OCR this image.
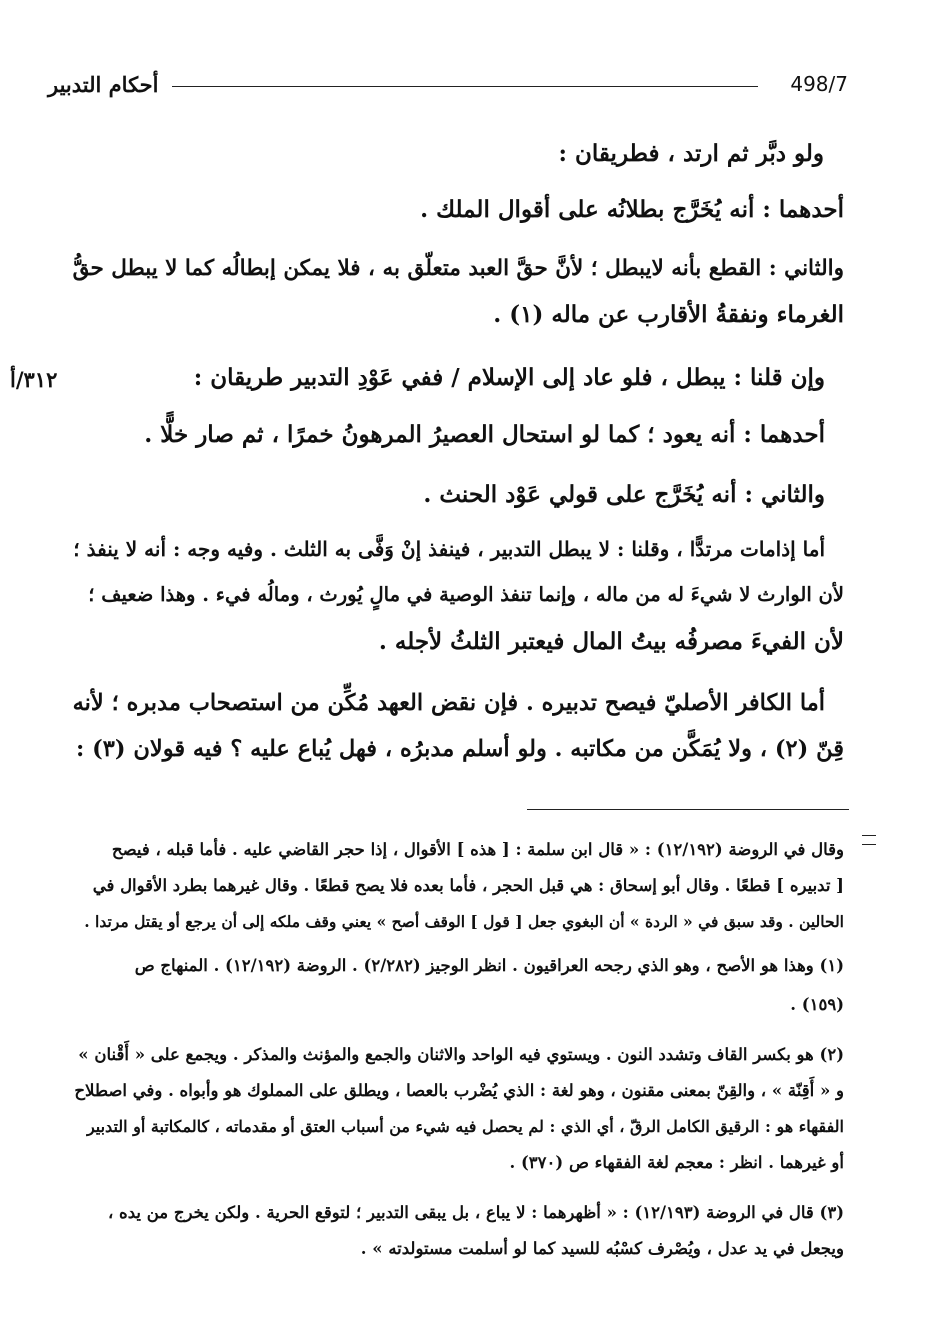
498/7
أحكام التدبير
٣١٢/أ
ولو دبَّر ثم ارتد ، فطريقان :
أحدهما : أنه يُخَرَّج بطلانُه على أقوال الملك .
والثاني : القطع بأنه لايبطل ؛ لأنَّ حقَّ العبد متعلّق به ، فلا يمكن إبطالُه كما لا يبطل حقُّ
الغرماء ونفقةُ الأقارب عن ماله (١) .
وإن قلنا : يبطل ، فلو عاد إلى الإسلام / ففي عَوْدِ التدبير طريقان :
أحدهما : أنه يعود ؛ كما لو استحال العصيرُ المرهونُ خمرًا ، ثم صار خلًّا .
والثاني : أنه يُخَرَّج على قولي عَوْد الحنث .
أما إذامات مرتدًّا ، وقلنا : لا يبطل التدبير ، فينفذ إنْ وَفَّى به الثلث . وفيه وجه : أنه لا ينفذ ؛
لأن الوارث لا شيءَ له من ماله ، وإنما تنفذ الوصية في مالٍ يُورث ، ومالُه فيء . وهذا ضعيف ؛
لأن الفيءَ مصرفُه بيتُ المال فيعتبر الثلثُ لأجله .
أما الكافر الأصليّ فيصح تدبيره . فإن نقض العهد مُكِّن من استصحاب مدبره ؛ لأنه
قِنّ (٢) ، ولا يُمَكَّن من مكاتبه . ولو أسلم مدبرُه ، فهل يُباع عليه ؟ فيه قولان (٣) :
وقال في الروضة (١٢/١٩٢) : « قال ابن سلمة : [ هذه ] الأقوال ، إذا حجر القاضي عليه . فأما قبله ، فيصح
[ تدبيره ] قطعًا . وقال أبو إسحاق : هي قبل الحجر ، فأما بعده فلا يصح قطعًا . وقال غيرهما بطرد الأقوال في
الحالين . وقد سبق في « الردة » أن البغوي جعل [ قول ] الوقف أصح » يعني وقف ملكه إلى أن يرجع أو يقتل مرتدا .
(١) وهذا هو الأصح ، وهو الذي رجحه العراقيون . انظر الوجيز (٢/٢٨٢) . الروضة (١٢/١٩٢) . المنهاج ص
(١٥٩) .
(٢) هو بكسر القاف وتشدد النون . ويستوي فيه الواحد والاثنان والجمع والمؤنث والمذكر . ويجمع على « أَقْنان »
و « أَقِنّة » ، والقِنّ بمعنى مقنون ، وهو لغة : الذي يُضْرب بالعصا ، ويطلق على المملوك هو وأبواه . وفي اصطلاح
الفقهاء هو : الرقيق الكامل الرقّ ، أي الذي : لم يحصل فيه شيء من أسباب العتق أو مقدماته ، كالمكاتبة أو التدبير
أو غيرهما . انظر : معجم لغة الفقهاء ص (٣٧٠) .
(٣) قال في الروضة (١٢/١٩٣) : « أظهرهما : لا يباع ، بل يبقى التدبير ؛ لتوقع الحرية . ولكن يخرج من يده ،
ويجعل في يد عدل ، ويُصْرف كسْبُه للسيد كما لو أسلمت مستولدته » .
